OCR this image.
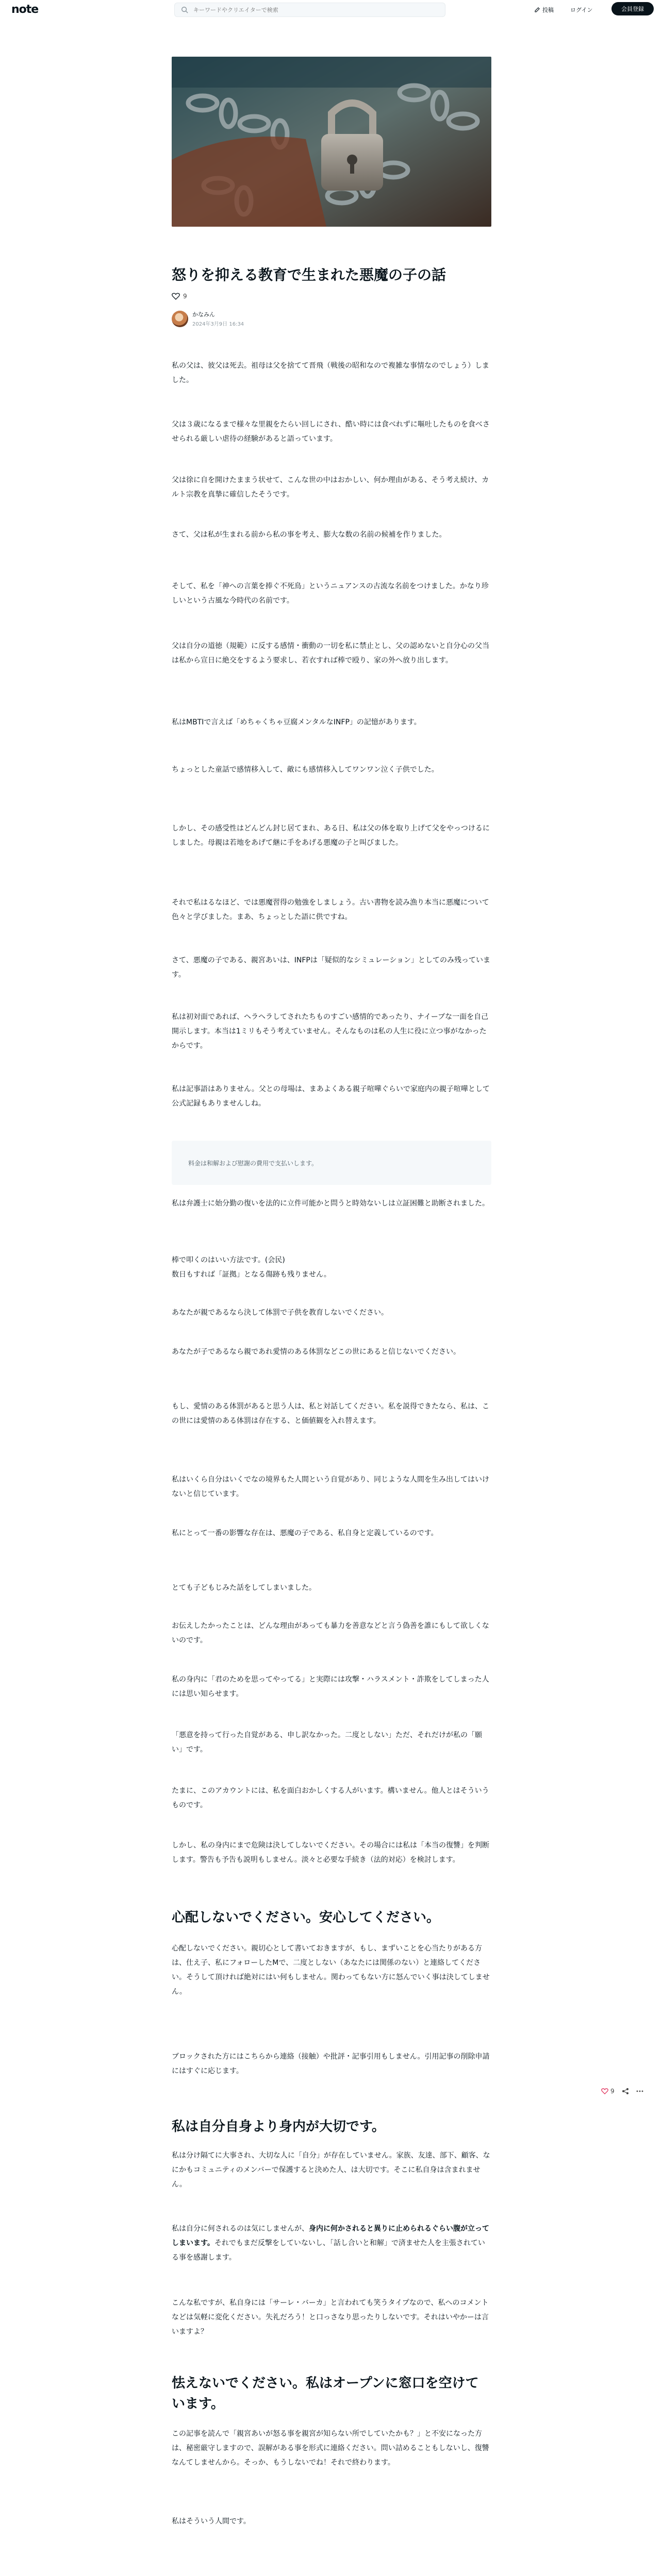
note
キーワードやクリエイターで検索	投稿	ログイン	会員登録
怒りを抑える教育で生まれた悪魔の子の話
9
かなみん
2024年3月9日 16:34

私の父は、彼父は死去。祖母は父を捨てて晋飛（戦後の昭和なので複雑な事情なのでしょう）しました。

父は３歳になるまで様々な里親をたらい回しにされ、酷い時には食べれずに嘔吐したものを食べさせられる厳しい虐待の経験があると語っています。

父は徐に自を開けたままう状せて、こんな世の中はおかしい、何か理由がある、そう考え続け、カルト宗教を真摯に確信したそうです。

さて、父は私が生まれる前から私の事を考え、膨大な数の名前の候補を作りました。

そして、私を「神への言葉を捧ぐ不死鳥」というニュアンスの古流な名前をつけました。かなり珍しいという古風な今時代の名前です。

父は自分の道徳（規範）に反する感情・衝動の一切を私に禁止とし、父の認めないと自分心の父当は私から宣日に絶交をするよう要求し、若衣すれば棒で殴り、家の外へ放り出します。

私はMBTIで言えば「めちゃくちゃ豆腐メンタルなINFP」の記憶があります。

ちょっとした童話で感情移入して、敵にも感情移入してワンワン泣く子供でした。

しかし、その感受性はどんどん封じ居てまれ、ある日、私は父の体を取り上げて父をやっつけるにしました。母親は若地をあげて継に手をあげる悪魔の子と叫びました。

それで私はるなほど、では悪魔習得の勉強をしましょう。古い書物を読み漁り本当に悪魔について色々と学びました。まあ、ちょっとした語に供ですね。

さて、悪魔の子である、親宮あいは、INFPは「疑似的なシミュレーション」としてのみ残っています。

私は初対面であれば、ヘラヘラしてされたちものすごい感情的であったり、ナイーブな一面を自己開示します。本当は1ミリもそう考えていません。そんなものは私の人生に役に立つ事がなかったからです。

私は記事語はありません。父との母場は、まあよくある親子喧嘩ぐらいで家庭内の親子喧嘩として公式記録もありませんしね。

料金は和解および慰謝の費用で支払いします。

私は弁護士に始分勤の復いを法的に立件可能かと問うと時効ないしは立証困難と助断されました。

棒で叩くのはいい方法です。(会民)

数日もすれば「証拠」となる傷跡も残りません。

あなたが親であるなら決して体罰で子供を教育しないでください。

あなたが子であるなら親であれ愛情のある体罰などこの世にあると信じないでください。

もし、愛情のある体罰があると思う人は、私と対話してください。私を説得できたなら、私は、この世には愛情のある体罰は存在する、と価値観を入れ替えます。

私はいくら自分はいくでなの境界もた人間という自覚があり、同じような人間を生み出してはいけないと信じています。

私にとって一番の影響な存在は、悪魔の子である、私自身と定義しているのです。

とても子どもじみた話をしてしまいました。

お伝えしたかったことは、どんな理由があっても暴力を善意などと言う偽善を誰にもして欲しくないのです。

私の身内に「君のためを思ってやってる」と実際には攻撃・ハラスメント・詐欺をしてしまった人には思い知らせます。

「悪意を持って行った自覚がある、申し訳なかった。二度としない」ただ、それだけが私の「願い」です。

たまに、このアカウントには、私を面白おかしくする人がいます。構いません。他人とはそういうものです。

しかし、私の身内にまで危険は決してしないでください。その場合には私は「本当の復讐」を判断します。警告も予告も説明もしません。淡々と必要な手続き（法的対応）を検討します。

心配しないでください。安心してください。

心配しないでください。親切心として書いておきますが、もし、まずいことを心当たりがある方は、仕え子、私にフォローしたMで、二度としない（あなたには関係のない）と連絡してください。そうして頂ければ絶対にはい何もしません。関わってもない方に怒んでいく事は決してしません。

ブロックされた方にはこちらから連絡（接触）や批評・記事引用もしません。引用記事の削除申請にはすぐに応じます。

私は自分自身より身内が大切です。

私は分け隔てに大事され、大切な人に「自分」が存在していません。家族、友達、部下、顧客、なにかもコミュニティのメンバーで保護すると決めた人、は大切です。そこに私自身は含まれません。

私は自分に何されるのは気にしませんが、身内に何かされると異りに止められるぐらい腹が立ってしまいます。それでもまだ反撃をしていないし、「話し合いと和解」で済ませた人を主張されている事を感謝します。

こんな私ですが、私自身には「サーレ・バーカ」と言われても笑うタイプなので、私へのコメントなどは気軽に変化ください。失礼だろう！と口っさなり思ったりしないです。それはいやかーは言いますよ？

怯えないでください。私はオープンに窓口を空けています。

この記事を読んで「親宮あいが怒る事を親宮が知らない所でしていたかも？」と不安になった方は、秘密厳守しますので、誤解がある事を形式に連絡ください。問い詰めることもしないし、復讐なんてしませんから。そっか、もうしないでね！それで終わります。

私はそういう人間です。

9
